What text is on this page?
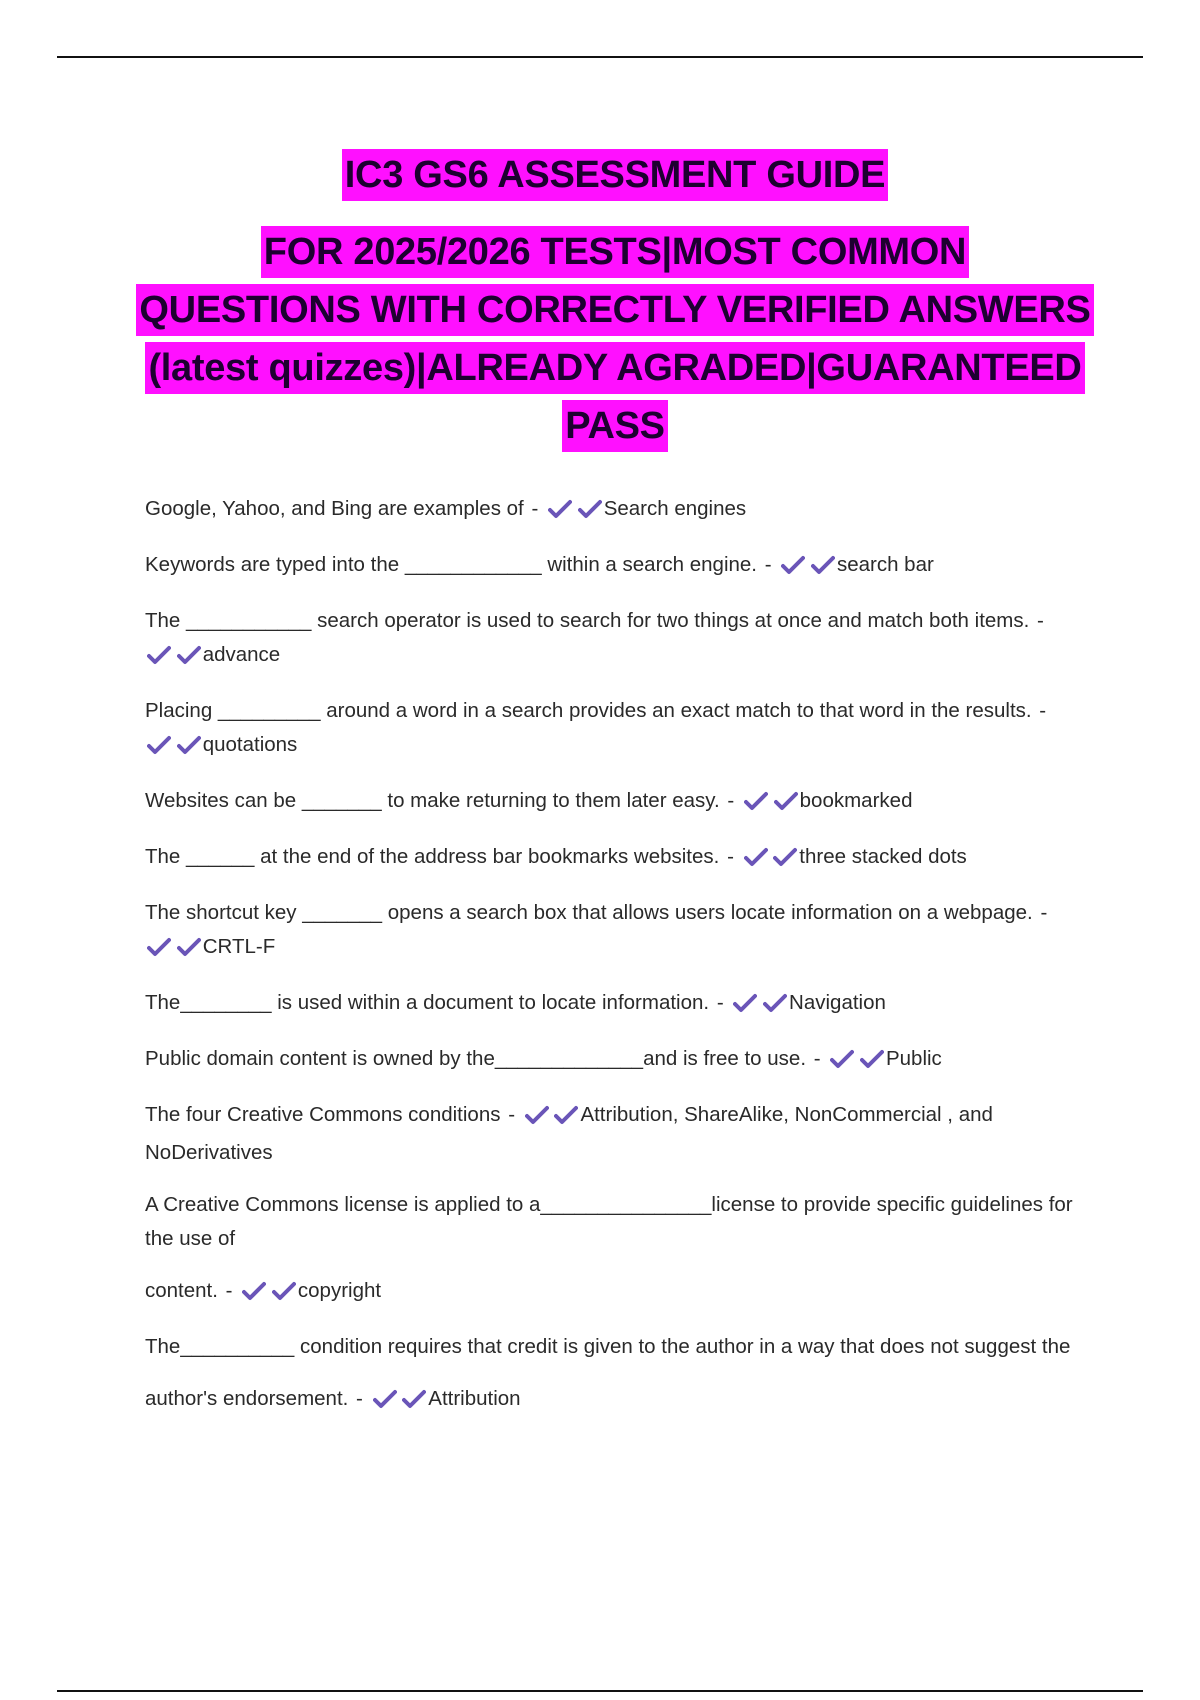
IC3 GS6 ASSESSMENT GUIDE
FOR 2025/2026 TESTS|MOST COMMON
QUESTIONS WITH CORRECTLY VERIFIED ANSWERS
(latest quizzes)|ALREADY AGRADED|GUARANTEED
PASS

Google, Yahoo, and Bing are examples of -	Search engines

Keywords are typed into the ____________ within a search engine. -	search bar

The ___________ search operator is used to search for two things at once and match both items. -  advance

Placing _________ around a word in a search provides an exact match to that word in the results. -  quotations

Websites can be _______ to make returning to them later easy. -	bookmarked

The ______ at the end of the address bar bookmarks websites. -	three stacked dots

The shortcut key _______ opens a search box that allows users locate information on a webpage. -  CRTL-F

The________ is used within a document to locate information. -	Navigation

Public domain content is owned by the_____________and is free to use. -	Public

The four Creative Commons conditions -	Attribution, ShareAlike, NonCommercial , and NoDerivatives

A Creative Commons license is applied to a_______________license to provide specific guidelines for the use of

content. -	copyright

The__________ condition requires that credit is given to the author in a way that does not suggest the

author's endorsement. -	Attribution
